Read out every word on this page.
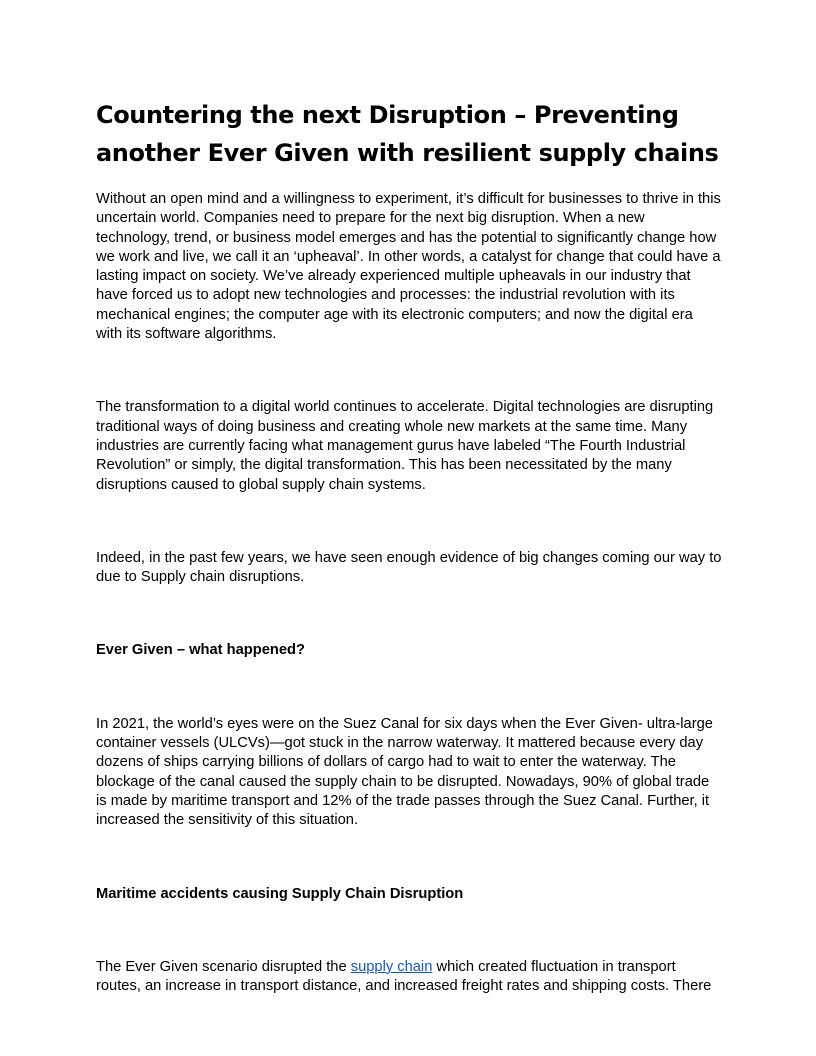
Countering the next Disruption – Preventing another Ever Given with resilient supply chains

Without an open mind and a willingness to experiment, it’s difficult for businesses to thrive in this uncertain world. Companies need to prepare for the next big disruption. When a new technology, trend, or business model emerges and has the potential to significantly change how we work and live, we call it an ‘upheaval’. In other words, a catalyst for change that could have a lasting impact on society. We’ve already experienced multiple upheavals in our industry that have forced us to adopt new technologies and processes: the industrial revolution with its mechanical engines; the computer age with its electronic computers; and now the digital era with its software algorithms.

The transformation to a digital world continues to accelerate. Digital technologies are disrupting traditional ways of doing business and creating whole new markets at the same time. Many industries are currently facing what management gurus have labeled “The Fourth Industrial Revolution” or simply, the digital transformation. This has been necessitated by the many disruptions caused to global supply chain systems.

Indeed, in the past few years, we have seen enough evidence of big changes coming our way to due to Supply chain disruptions.

Ever Given – what happened?

In 2021, the world’s eyes were on the Suez Canal for six days when the Ever Given- ultra-large container vessels (ULCVs)—got stuck in the narrow waterway. It mattered because every day dozens of ships carrying billions of dollars of cargo had to wait to enter the waterway. The blockage of the canal caused the supply chain to be disrupted. Nowadays, 90% of global trade is made by maritime transport and 12% of the trade passes through the Suez Canal. Further, it increased the sensitivity of this situation.

Maritime accidents causing Supply Chain Disruption

The Ever Given scenario disrupted the supply chain which created fluctuation in transport routes, an increase in transport distance, and increased freight rates and shipping costs. There
